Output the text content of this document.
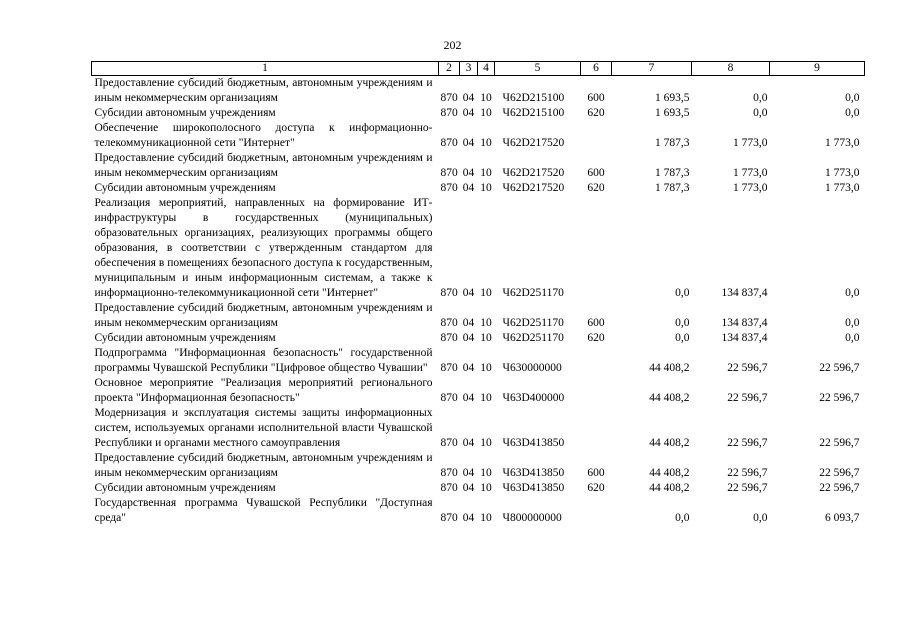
202
1	2	3	4	5	6	7	8	9
Предоставление субсидий бюджетным, автономным учреждениям и иным некоммерческим организациям	870	04	10	Ч62D215100	600	1 693,5	0,0	0,0
Субсидии автономным учреждениям	870	04	10	Ч62D215100	620	1 693,5	0,0	0,0
Обеспечение широкополосного доступа к информационно-телекоммуникационной сети "Интернет"	870	04	10	Ч62D217520		1 787,3	1 773,0	1 773,0
Предоставление субсидий бюджетным, автономным учреждениям и иным некоммерческим организациям	870	04	10	Ч62D217520	600	1 787,3	1 773,0	1 773,0
Субсидии автономным учреждениям	870	04	10	Ч62D217520	620	1 787,3	1 773,0	1 773,0
Реализация мероприятий, направленных на формирование ИТ-инфраструктуры в государственных (муниципальных) образовательных организациях, реализующих программы общего образования, в соответствии с утвержденным стандартом для обеспечения в помещениях безопасного доступа к государственным, муниципальным и иным информационным системам, а также к информационно-телекоммуникационной сети "Интернет"	870	04	10	Ч62D251170		0,0	134 837,4	0,0
Предоставление субсидий бюджетным, автономным учреждениям и иным некоммерческим организациям	870	04	10	Ч62D251170	600	0,0	134 837,4	0,0
Субсидии автономным учреждениям	870	04	10	Ч62D251170	620	0,0	134 837,4	0,0
Подпрограмма "Информационная безопасность" государственной программы Чувашской Республики "Цифровое общество Чувашии"	870	04	10	Ч630000000		44 408,2	22 596,7	22 596,7
Основное мероприятие "Реализация мероприятий регионального проекта "Информационная безопасность"	870	04	10	Ч63D400000		44 408,2	22 596,7	22 596,7
Модернизация и эксплуатация системы защиты информационных систем, используемых органами исполнительной власти Чувашской Республики и органами местного самоуправления	870	04	10	Ч63D413850		44 408,2	22 596,7	22 596,7
Предоставление субсидий бюджетным, автономным учреждениям и иным некоммерческим организациям	870	04	10	Ч63D413850	600	44 408,2	22 596,7	22 596,7
Субсидии автономным учреждениям	870	04	10	Ч63D413850	620	44 408,2	22 596,7	22 596,7
Государственная программа Чувашской Республики "Доступная среда"	870	04	10	Ч800000000		0,0	0,0	6 093,7
